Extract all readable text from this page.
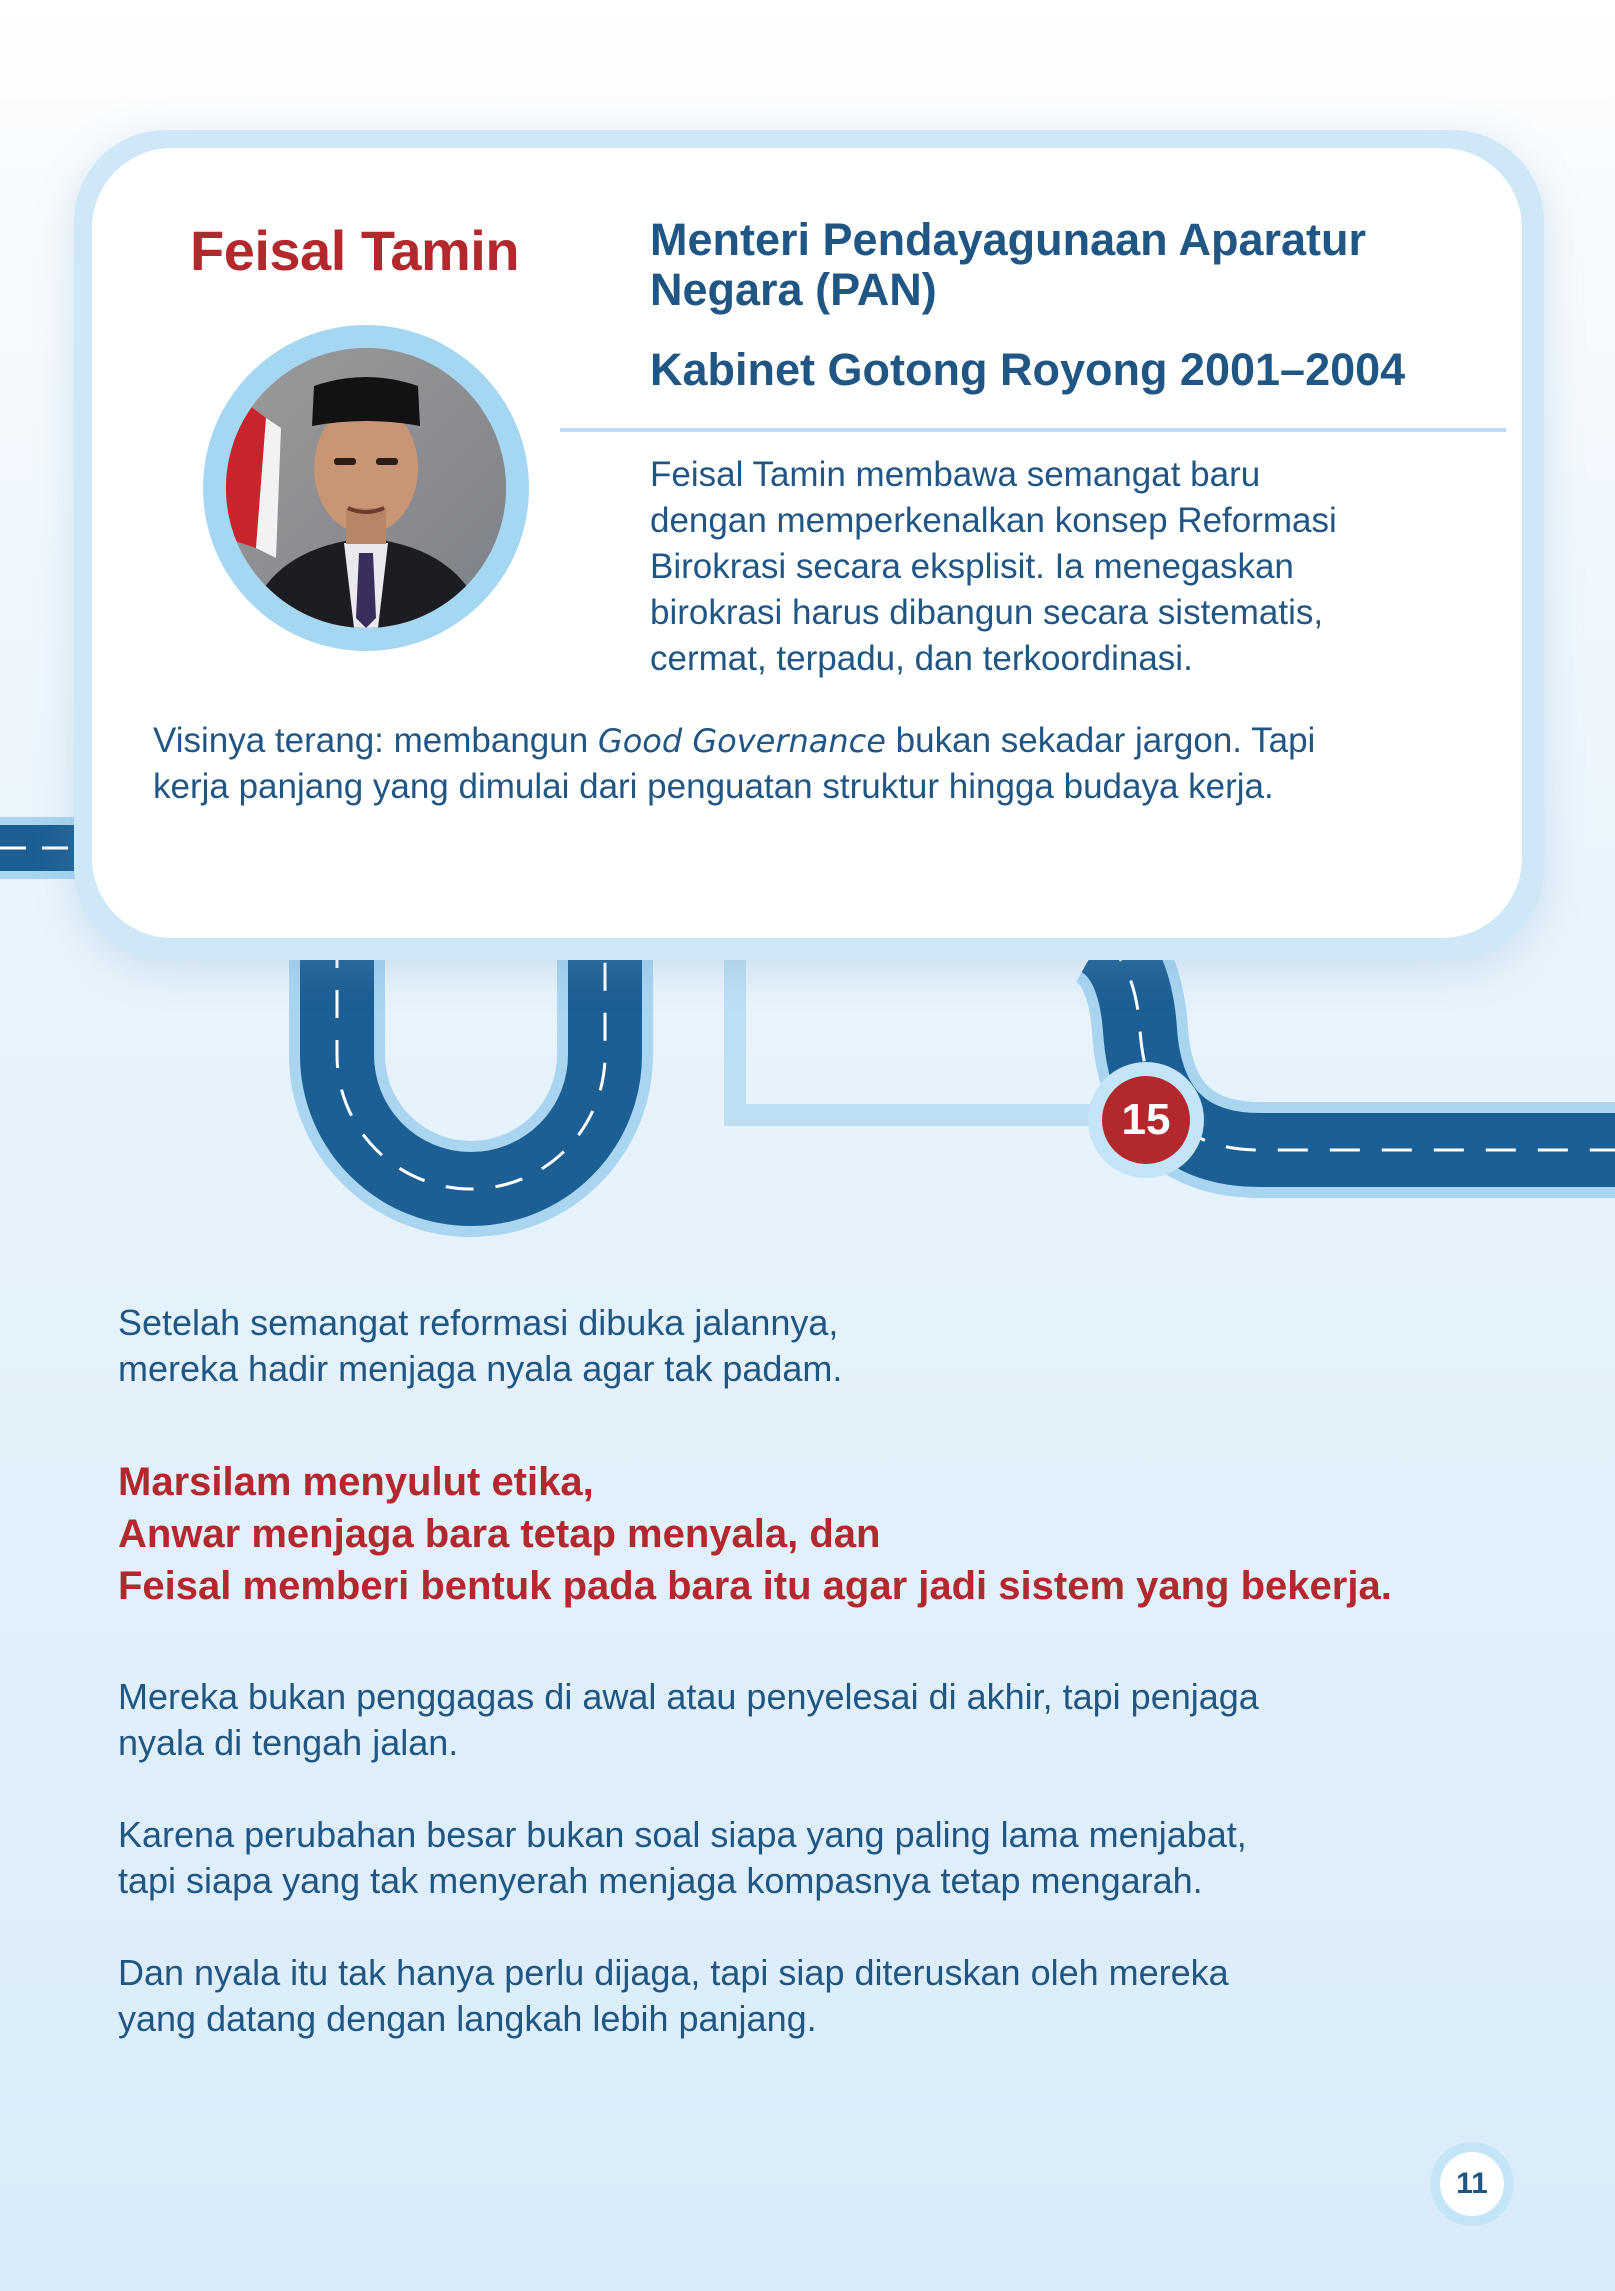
15
Feisal Tamin	Menteri Pendayagunaan Aparatur
Negara (PAN)
Kabinet Gotong Royong 2001–2004
Feisal Tamin membawa semangat baru
dengan memperkenalkan konsep Reformasi
Birokrasi secara eksplisit. Ia menegaskan
birokrasi harus dibangun secara sistematis,
cermat, terpadu, dan terkoordinasi.
Visinya terang: membangun Good Governance bukan sekadar jargon. Tapi
kerja panjang yang dimulai dari penguatan struktur hingga budaya kerja.
Setelah semangat reformasi dibuka jalannya,
mereka hadir menjaga nyala agar tak padam.
Marsilam menyulut etika,
Anwar menjaga bara tetap menyala, dan
Feisal memberi bentuk pada bara itu agar jadi sistem yang bekerja.
Mereka bukan penggagas di awal atau penyelesai di akhir, tapi penjaga
nyala di tengah jalan.
Karena perubahan besar bukan soal siapa yang paling lama menjabat,
tapi siapa yang tak menyerah menjaga kompasnya tetap mengarah.
Dan nyala itu tak hanya perlu dijaga, tapi siap diteruskan oleh mereka
yang datang dengan langkah lebih panjang.
11
